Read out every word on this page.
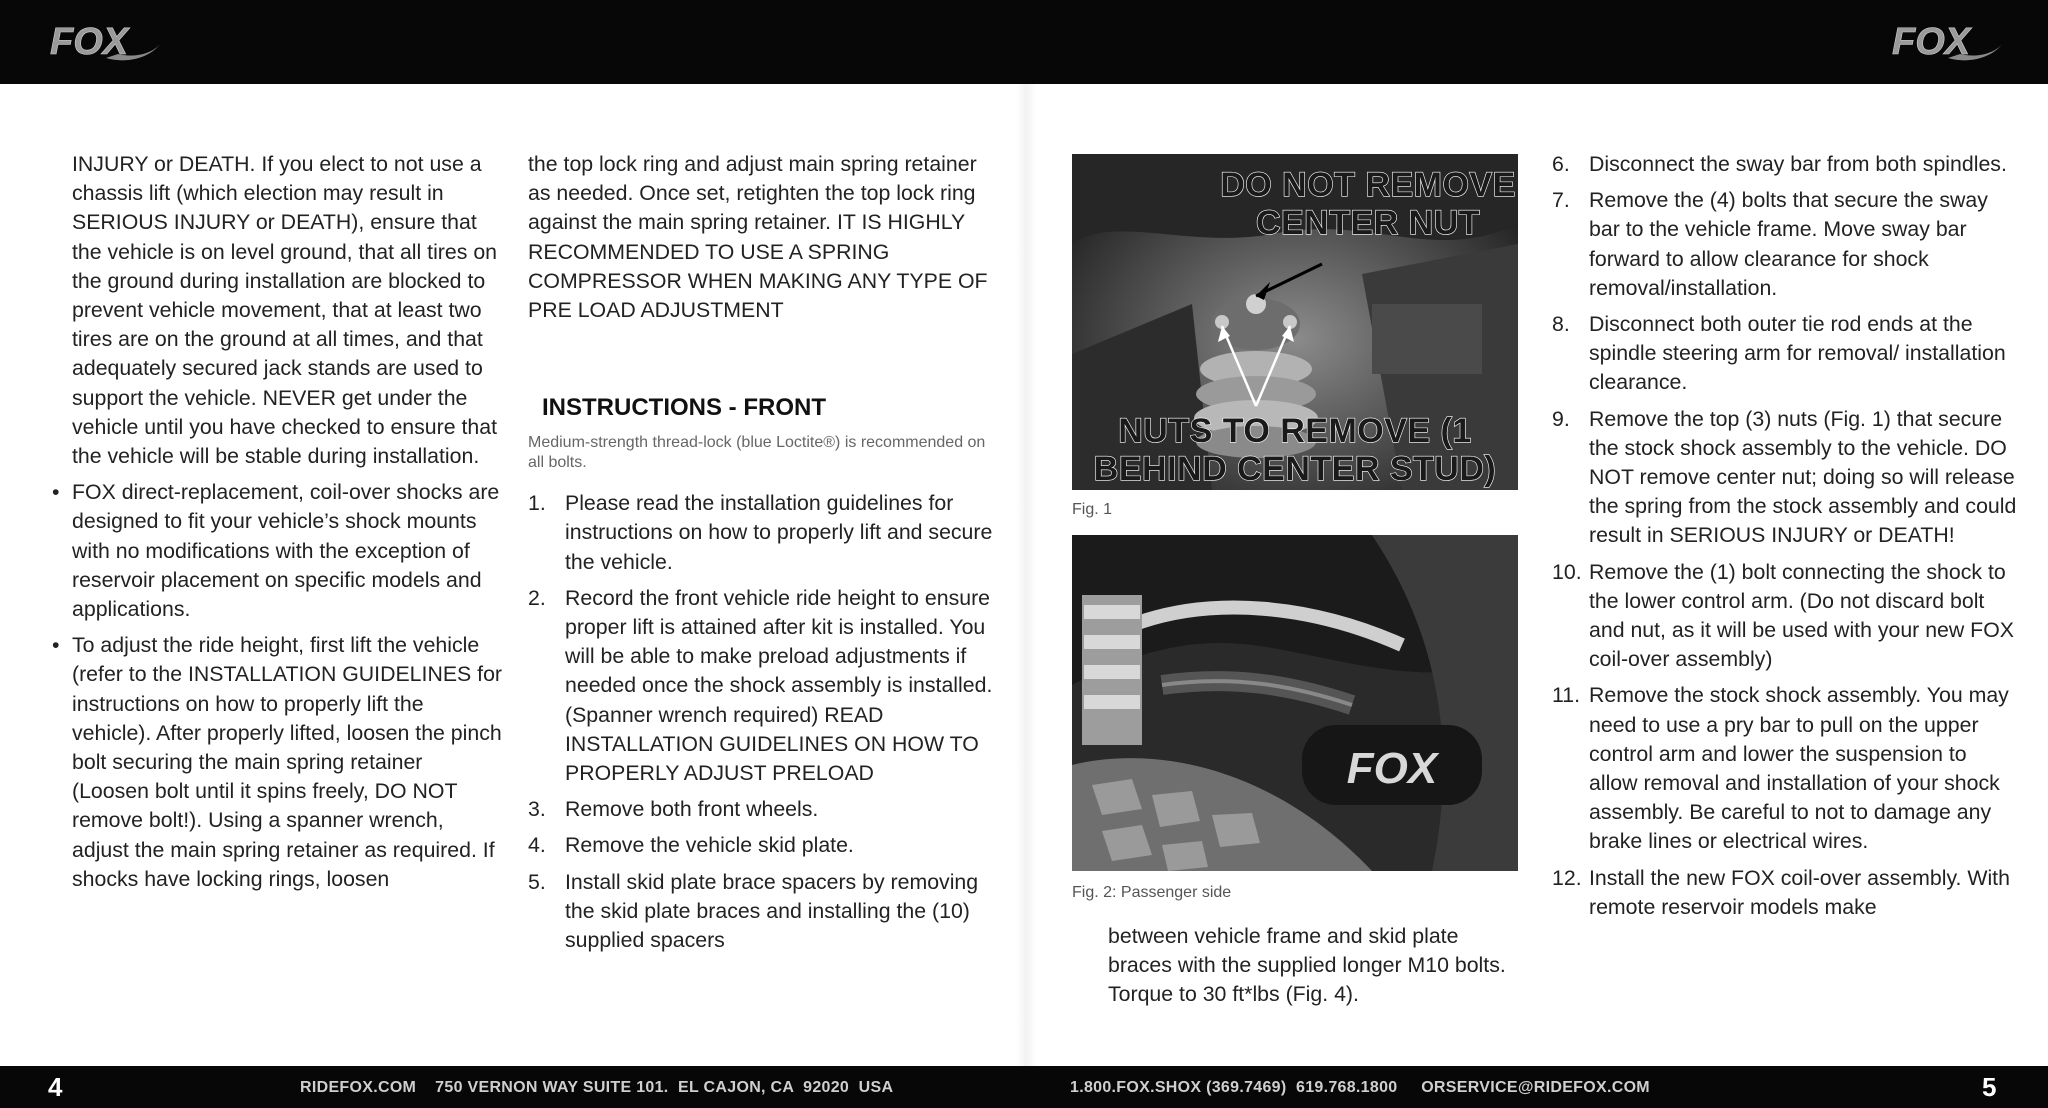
FOX	FOX

INJURY or DEATH. If you elect to not use a chassis lift (which election may result in SERIOUS INJURY or DEATH), ensure that the vehicle is on level ground, that all tires on the ground during installation are blocked to prevent vehicle movement, that at least two tires are on the ground at all times, and that adequately secured jack stands are used to support the vehicle. NEVER get under the vehicle until you have checked to ensure that the vehicle will be stable during installation.

• FOX direct-replacement, coil-over shocks are designed to fit your vehicle’s shock mounts with no modifications with the exception of reservoir placement on specific models and applications.

• To adjust the ride height, first lift the vehicle (refer to the INSTALLATION GUIDELINES for instructions on how to properly lift the vehicle). After properly lifted, loosen the pinch bolt securing the main spring retainer (Loosen bolt until it spins freely, DO NOT remove bolt!). Using a spanner wrench, adjust the main spring retainer as required. If shocks have locking rings, loosen

the top lock ring and adjust main spring retainer as needed. Once set, retighten the top lock ring against the main spring retainer. IT IS HIGHLY RECOMMENDED TO USE A SPRING COMPRESSOR WHEN MAKING ANY TYPE OF PRE LOAD ADJUSTMENT

INSTRUCTIONS - FRONT

Medium-strength thread-lock (blue Loctite®) is recommended on all bolts.

1. Please read the installation guidelines for instructions on how to properly lift and secure the vehicle.
2. Record the front vehicle ride height to ensure proper lift is attained after kit is installed. You will be able to make preload adjustments if needed once the shock assembly is installed. (Spanner wrench required) READ INSTALLATION GUIDELINES ON HOW TO PROPERLY ADJUST PRELOAD
3. Remove both front wheels.
4. Remove the vehicle skid plate.
5. Install skid plate brace spacers by removing the skid plate braces and installing the (10) supplied spacers
DO NOT REMOVE CENTER NUT
NUTS TO REMOVE (1 BEHIND CENTER STUD)
Fig. 1
FOX
Fig. 2: Passenger side

between vehicle frame and skid plate braces with the supplied longer M10 bolts. Torque to 30 ft*lbs (Fig. 4).

6. Disconnect the sway bar from both spindles.
7. Remove the (4) bolts that secure the sway bar to the vehicle frame. Move sway bar forward to allow clearance for shock removal/installation.
8. Disconnect both outer tie rod ends at the spindle steering arm for removal/ installation clearance.
9. Remove the top (3) nuts (Fig. 1) that secure the stock shock assembly to the vehicle. DO NOT remove center nut; doing so will release the spring from the stock assembly and could result in SERIOUS INJURY or DEATH!
10. Remove the (1) bolt connecting the shock to the lower control arm. (Do not discard bolt and nut, as it will be used with your new FOX coil-over assembly)
11. Remove the stock shock assembly. You may need to use a pry bar to pull on the upper control arm and lower the suspension to allow removal and installation of your shock assembly. Be careful to not to damage any brake lines or electrical wires.
12. Install the new FOX coil-over assembly. With remote reservoir models make
4	RIDEFOX.COM    750 VERNON WAY SUITE 101.  EL CAJON, CA  92020  USA	1.800.FOX.SHOX (369.7469)  619.768.1800     ORSERVICE@RIDEFOX.COM	5
